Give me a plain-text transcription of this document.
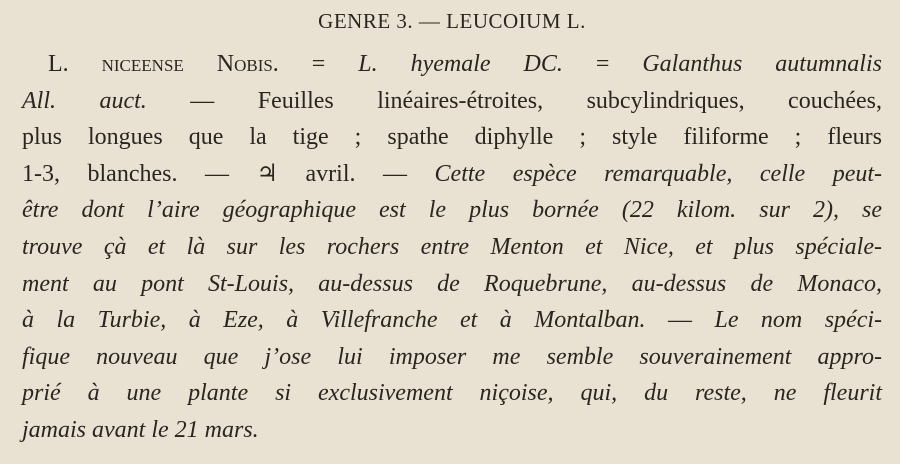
GENRE 3. — LEUCOIUM L.
L. niceense Nobis. = L. hyemale DC. = Galanthus autumnalis
All. auct. — Feuilles linéaires-étroites, subcylindriques, couchées,
plus longues que la tige ; spathe diphylle ; style filiforme ; fleurs
1-3, blanches. — ♃ avril. — Cette espèce remarquable, celle peut-
être dont l’aire géographique est le plus bornée (22 kilom. sur 2), se
trouve çà et là sur les rochers entre Menton et Nice, et plus spéciale-
ment au pont St-Louis, au-dessus de Roquebrune, au-dessus de Monaco,
à la Turbie, à Eze, à Villefranche et à Montalban. — Le nom spéci-
fique nouveau que j’ose lui imposer me semble souverainement appro-
prié à une plante si exclusivement niçoise, qui, du reste, ne fleurit
jamais avant le 21 mars.
